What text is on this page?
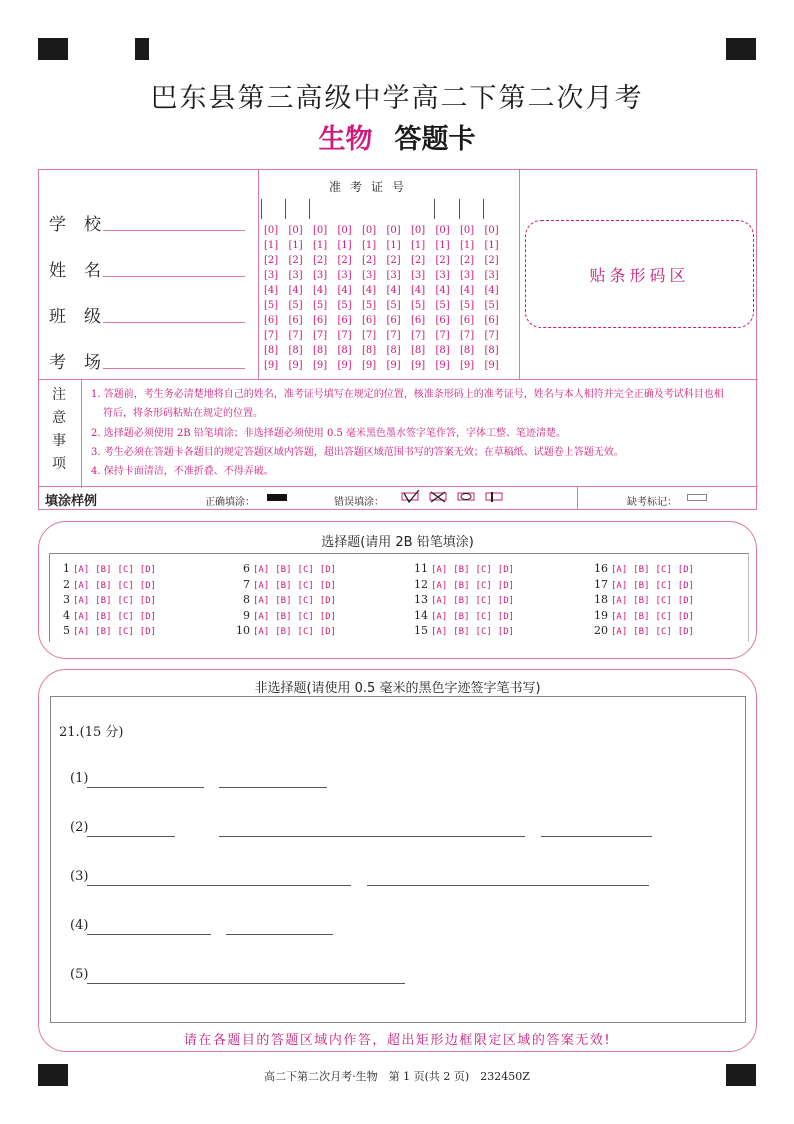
巴东县第三高级中学高二下第二次月考
生物 答题卡
学校
姓名
班级
考场
准考证号
[0]	[0]	[0]	[0]	[0]	[0]	[0]	[0]	[0]	[0]
[1]	[1]	[1]	[1]	[1]	[1]	[1]	[1]	[1]	[1]
[2]	[2]	[2]	[2]	[2]	[2]	[2]	[2]	[2]	[2]
[3]	[3]	[3]	[3]	[3]	[3]	[3]	[3]	[3]	[3]
[4]	[4]	[4]	[4]	[4]	[4]	[4]	[4]	[4]	[4]
[5]	[5]	[5]	[5]	[5]	[5]	[5]	[5]	[5]	[5]
[6]	[6]	[6]	[6]	[6]	[6]	[6]	[6]	[6]	[6]
[7]	[7]	[7]	[7]	[7]	[7]	[7]	[7]	[7]	[7]
[8]	[8]	[8]	[8]	[8]	[8]	[8]	[8]	[8]	[8]
[9]	[9]	[9]	[9]	[9]	[9]	[9]	[9]	[9]	[9]
贴条形码区
注意事项
1. 答题前，考生务必清楚地将自己的姓名，准考证号填写在规定的位置，核准条形码上的准考证号，姓名与本人相符并完全正确及考试科目也相
符后，将条形码粘贴在规定的位置。
2. 选择题必须使用 2B 铅笔填涂；非选择题必须使用 0.5 毫米黑色墨水签字笔作答，字体工整、笔迹清楚。
3. 考生必须在答题卡各题目的规定答题区域内答题，超出答题区域范围书写的答案无效；在草稿纸、试题卷上答题无效。
4. 保持卡面清洁，不准折叠、不得弄破。
填涂样例	正确填涂：	错误填涂：	缺考标记：
选择题(请用 2B 铅笔填涂)
1 [A] [B] [C] [D]
2 [A] [B] [C] [D]
3 [A] [B] [C] [D]
4 [A] [B] [C] [D]
5 [A] [B] [C] [D]
6 [A] [B] [C] [D]
7 [A] [B] [C] [D]
8 [A] [B] [C] [D]
9 [A] [B] [C] [D]
10 [A] [B] [C] [D]
11 [A] [B] [C] [D]
12 [A] [B] [C] [D]
13 [A] [B] [C] [D]
14 [A] [B] [C] [D]
15 [A] [B] [C] [D]
16 [A] [B] [C] [D]
17 [A] [B] [C] [D]
18 [A] [B] [C] [D]
19 [A] [B] [C] [D]
20 [A] [B] [C] [D]
非选择题(请使用 0.5 毫米的黑色字迹签字笔书写)
21.(15 分)
(1)
(2)
(3)
(4)
(5)
请在各题目的答题区域内作答，超出矩形边框限定区域的答案无效!
高二下第二次月考·生物　第 1 页(共 2 页)　232450Z
